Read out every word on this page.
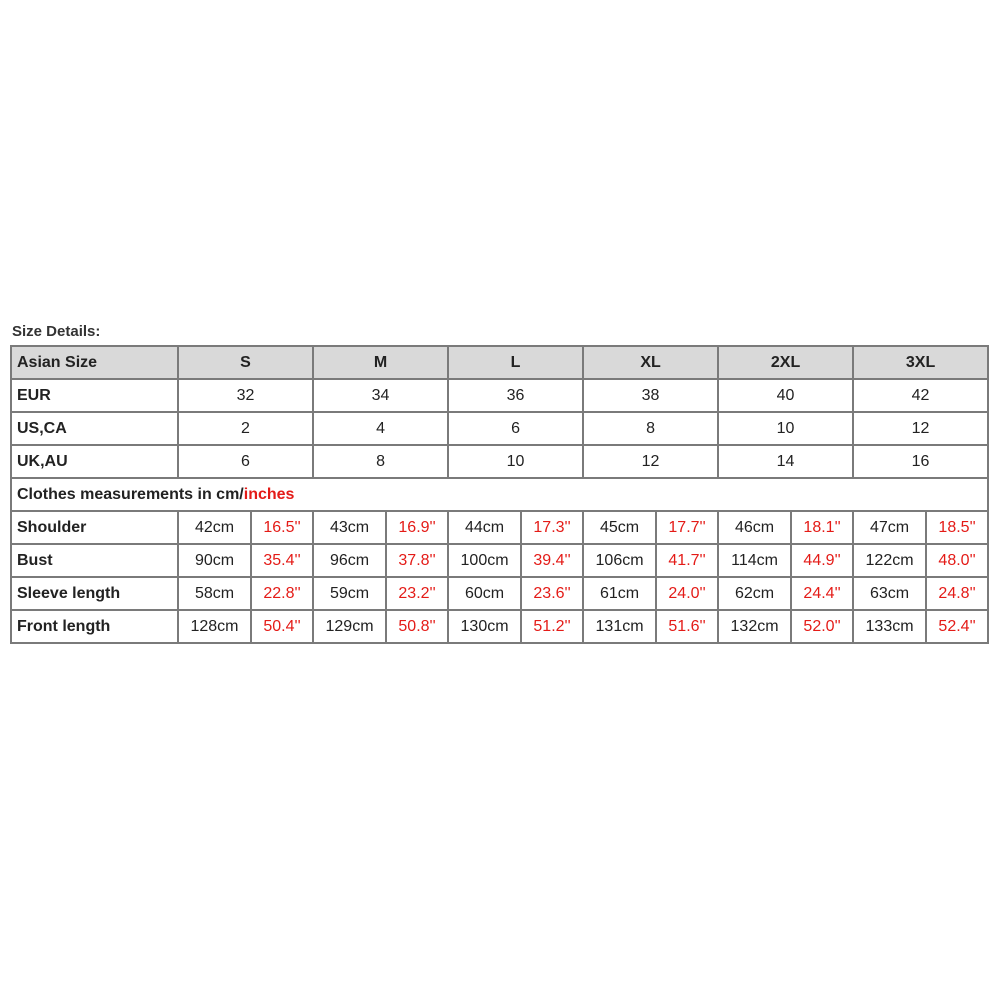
Size Details:
Asian Size	S		M		L		XL		2XL		3XL	
EUR	32		34		36		38		40		42	
US,CA	2		4		6		8		10		12	
UK,AU	6		8		10		12		14		16	
Clothes measurements in cm/inches												
Shoulder	42cm	16.5''	43cm	16.9''	44cm	17.3''	45cm	17.7''	46cm	18.1''	47cm	18.5''
Bust	90cm	35.4''	96cm	37.8''	100cm	39.4''	106cm	41.7''	114cm	44.9''	122cm	48.0''
Sleeve length	58cm	22.8''	59cm	23.2''	60cm	23.6''	61cm	24.0''	62cm	24.4''	63cm	24.8''
Front length	128cm	50.4''	129cm	50.8''	130cm	51.2''	131cm	51.6''	132cm	52.0''	133cm	52.4''
